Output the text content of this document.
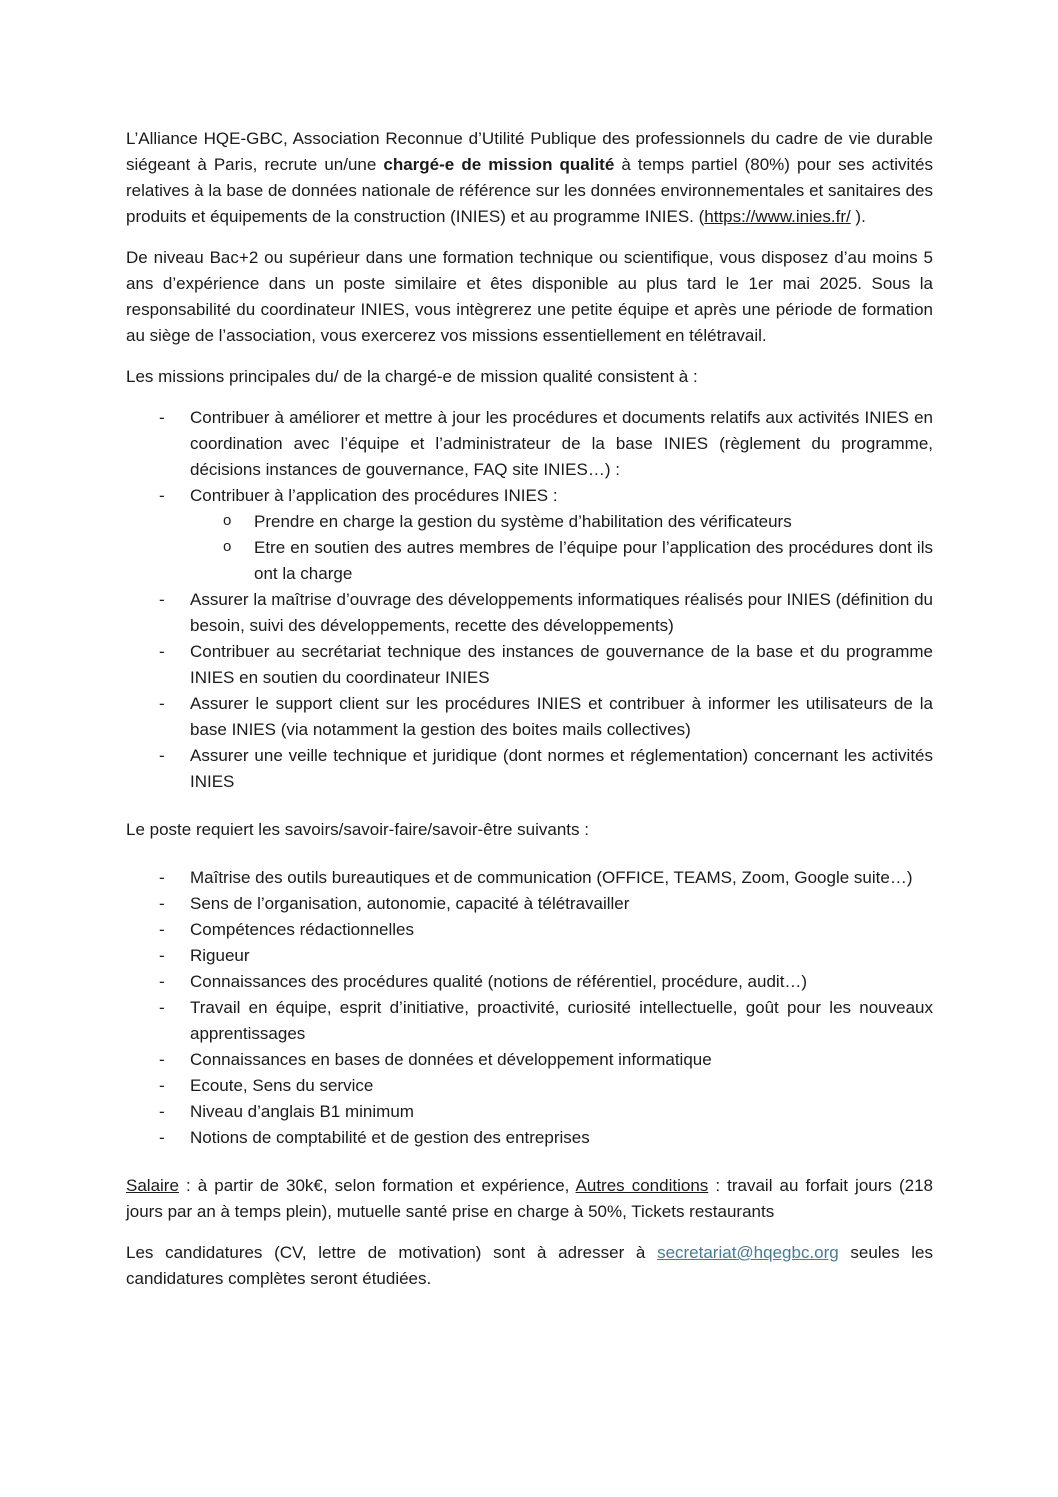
L’Alliance HQE-GBC, Association Reconnue d’Utilité Publique des professionnels du cadre de vie durable siégeant à Paris, recrute un/une chargé-e de mission qualité à temps partiel (80%) pour ses activités relatives à la base de données nationale de référence sur les données environnementales et sanitaires des produits et équipements de la construction (INIES) et au programme INIES. (https://www.inies.fr/ ).

De niveau Bac+2 ou supérieur dans une formation technique ou scientifique, vous disposez d’au moins 5 ans d’expérience dans un poste similaire et êtes disponible au plus tard le 1er mai 2025. Sous la responsabilité du coordinateur INIES, vous intègrerez une petite équipe et après une période de formation au siège de l’association, vous exercerez vos missions essentiellement en télétravail.

Les missions principales du/ de la chargé-e de mission qualité consistent à :

- Contribuer à améliorer et mettre à jour les procédures et documents relatifs aux activités INIES en coordination avec l’équipe et l’administrateur de la base INIES (règlement du programme, décisions instances de gouvernance, FAQ site INIES…) :
- Contribuer à l’application des procédures INIES :
o Prendre en charge la gestion du système d’habilitation des vérificateurs
o Etre en soutien des autres membres de l’équipe pour l’application des procédures dont ils ont la charge
- Assurer la maîtrise d’ouvrage des développements informatiques réalisés pour INIES (définition du besoin, suivi des développements, recette des développements)
- Contribuer au secrétariat technique des instances de gouvernance de la base et du programme INIES en soutien du coordinateur INIES
- Assurer le support client sur les procédures INIES et contribuer à informer les utilisateurs de la base INIES (via notamment la gestion des boites mails collectives)
- Assurer une veille technique et juridique (dont normes et réglementation) concernant les activités INIES

Le poste requiert les savoirs/savoir-faire/savoir-être suivants :

- Maîtrise des outils bureautiques et de communication (OFFICE, TEAMS, Zoom, Google suite…)
- Sens de l’organisation, autonomie, capacité à télétravailler
- Compétences rédactionnelles
- Rigueur
- Connaissances des procédures qualité (notions de référentiel, procédure, audit…)
- Travail en équipe, esprit d’initiative, proactivité, curiosité intellectuelle, goût pour les nouveaux apprentissages
- Connaissances en bases de données et développement informatique
- Ecoute, Sens du service
- Niveau d’anglais B1 minimum
- Notions de comptabilité et de gestion des entreprises

Salaire : à partir de 30k€, selon formation et expérience, Autres conditions : travail au forfait jours (218 jours par an à temps plein), mutuelle santé prise en charge à 50%, Tickets restaurants

Les candidatures (CV, lettre de motivation) sont à adresser à secretariat@hqegbc.org seules les candidatures complètes seront étudiées.
